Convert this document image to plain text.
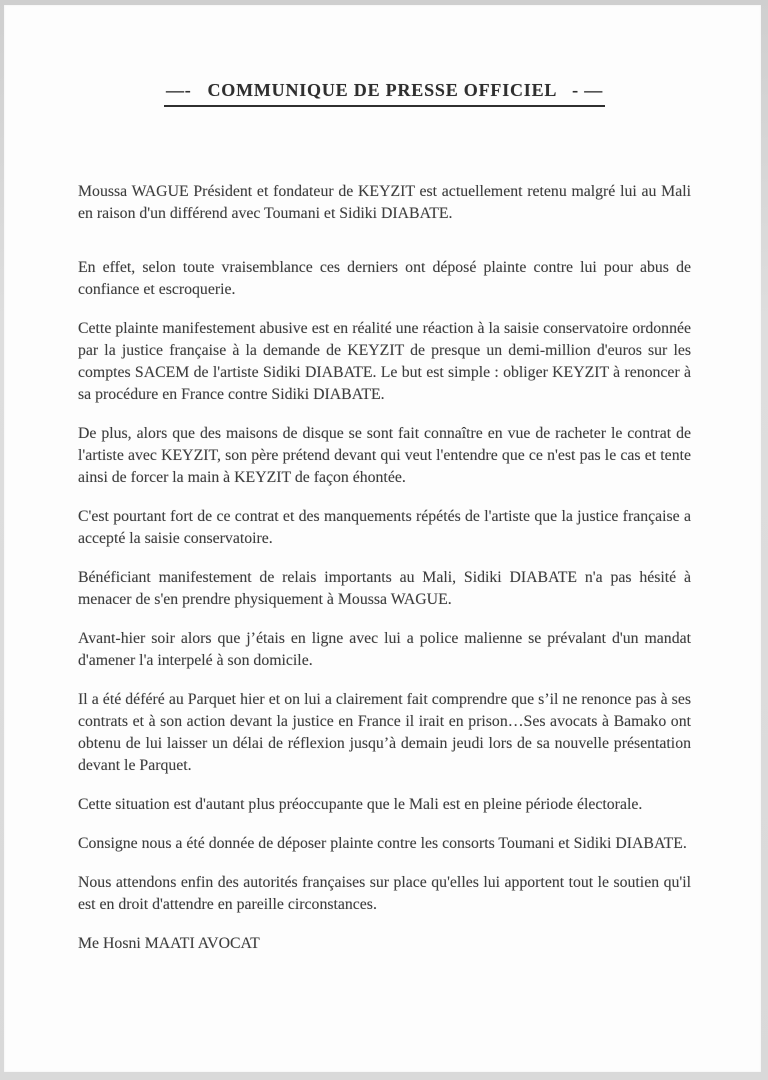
—-   COMMUNIQUE DE PRESSE OFFICIEL   - —

Moussa WAGUE Président et fondateur de KEYZIT est actuellement retenu malgré lui au Mali en raison d'un différend avec Toumani et Sidiki DIABATE.

En effet, selon toute vraisemblance ces derniers ont déposé plainte contre lui pour abus de confiance et escroquerie.

Cette plainte manifestement abusive est en réalité une réaction à la saisie conservatoire ordonnée par la justice française à la demande de KEYZIT de presque un demi-million d'euros sur les comptes SACEM de l'artiste Sidiki DIABATE. Le but est simple : obliger KEYZIT à renoncer à sa procédure en France contre Sidiki DIABATE.

De plus, alors que des maisons de disque se sont fait connaître en vue de racheter le contrat de l'artiste avec KEYZIT, son père prétend devant qui veut l'entendre que ce n'est pas le cas et tente ainsi de forcer la main à KEYZIT de façon éhontée.

C'est pourtant fort de ce contrat et des manquements répétés de l'artiste que la justice française a accepté la saisie conservatoire.

Bénéficiant manifestement de relais importants au Mali, Sidiki DIABATE n'a pas hésité à menacer de s'en prendre physiquement à Moussa WAGUE.

Avant-hier soir alors que j’étais en ligne avec lui a police malienne se prévalant d'un mandat d'amener l'a interpelé à son domicile.

Il a été déféré au Parquet hier et on lui a clairement fait comprendre que s’il ne renonce pas à ses contrats et à son action devant la justice en France il irait en prison…Ses avocats à Bamako ont obtenu de lui laisser un délai de réflexion jusqu’à demain jeudi lors de sa nouvelle présentation devant le Parquet.

Cette situation est d'autant plus préoccupante que le Mali est en pleine période électorale.

Consigne nous a été donnée de déposer plainte contre les consorts Toumani et Sidiki DIABATE.

Nous attendons enfin des autorités françaises sur place qu'elles lui apportent tout le soutien qu'il est en droit d'attendre en pareille circonstances.

Me Hosni MAATI AVOCAT
